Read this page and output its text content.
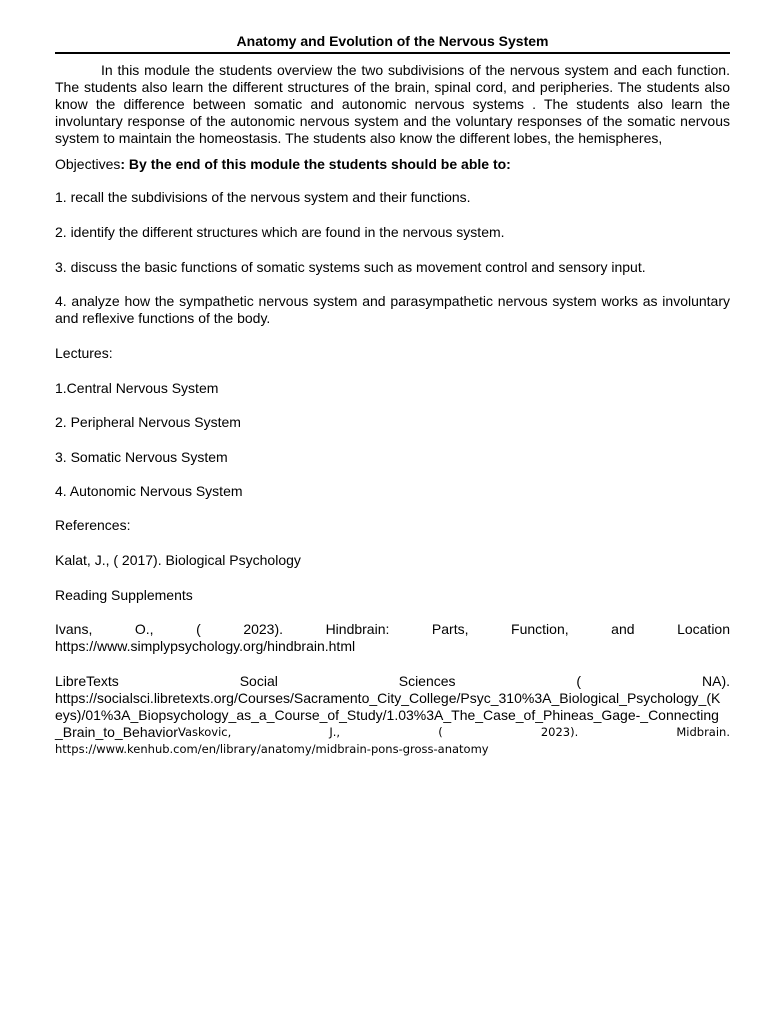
Anatomy and Evolution of the Nervous System

In this module the students overview the two subdivisions of the nervous system and each function. The students also learn the different structures of the brain, spinal cord, and peripheries. The students also know the difference between somatic and autonomic nervous systems . The students also learn the involuntary response of the autonomic nervous system and the voluntary responses of the somatic nervous system to maintain the homeostasis. The students also know the different lobes, the hemispheres,

Objectives: By the end of this module the students should be able to:

1. recall the subdivisions of the nervous system and their functions.

2. identify the different structures which are found in the nervous system.

3. discuss the basic functions of somatic systems such as movement control and sensory input.

4. analyze how the sympathetic nervous system and parasympathetic nervous system works as involuntary and reflexive functions of the body.

Lectures:

1.Central Nervous System

2. Peripheral Nervous System

3. Somatic Nervous System

4. Autonomic Nervous System

References:

Kalat, J., ( 2017). Biological Psychology

Reading Supplements

Ivans, O., ( 2023). Hindbrain: Parts, Function, and Location
https://www.simplypsychology.org/hindbrain.html
LibreTexts Social Sciences ( NA).
https://socialsci.libretexts.org/Courses/Sacramento_City_College/Psyc_310%3A_Biological_Psychology_(K
eys)/01%3A_Biopsychology_as_a_Course_of_Study/1.03%3A_The_Case_of_Phineas_Gage-_Connecting
_Brain_to_Behavior Vaskovic, J., ( 2023). Midbrain.
https://www.kenhub.com/en/library/anatomy/midbrain-pons-gross-anatomy
